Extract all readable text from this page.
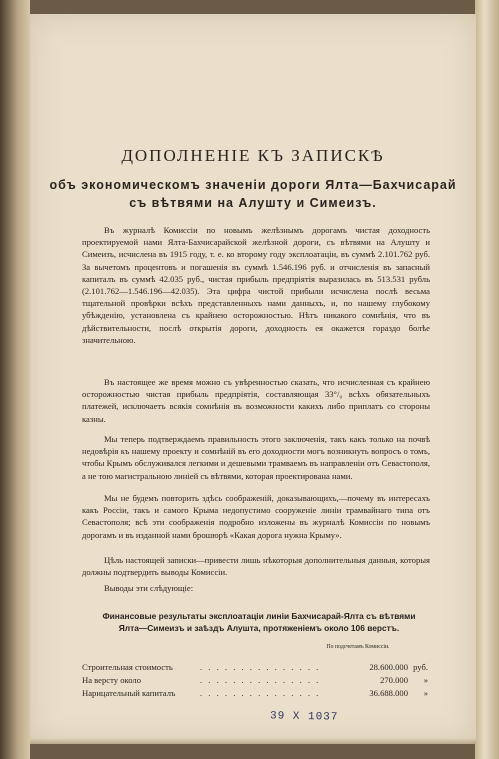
ДОПОЛНЕНІЕ КЪ ЗАПИСКѢ
объ экономическомъ значеніи дороги Ялта—Бахчисарай
съ вѣтвями на Алушту и Симеизъ.

Въ журналѣ Комиссіи по новымъ желѣзнымъ дорогамъ чистая доходность проектируемой нами Ялта-Бахчисарайской желѣзной дороги, съ вѣтвями на Алушту и Симеизъ, исчислена въ 1915 году, т. е. ко второму году эксплоатаціи, въ суммѣ 2.101.762 руб. За вычетомъ процентовъ и погашенія въ суммѣ 1.546.196 руб. и отчисленія въ запасный капиталъ въ суммѣ 42.035 руб., чистая прибыль предпріятія выразилась въ 513.531 рубль (2.101.762—1.546.196—42.035). Эта цифра чистой прибыли исчислена послѣ весьма тщательной провѣрки всѣхъ представленныхъ нами данныхъ, и, по нашему глубокому убѣжденію, установлена съ крайнею осторожностью. Нѣтъ никакого сомнѣнія, что въ дѣйствительности, послѣ открытія дороги, доходность ея окажется гораздо болѣе значительною.

Въ настоящее же время можно съ увѣренностью сказать, что исчисленная съ крайнею осторожностью чистая прибыль предпріятія, составляющая 33°/₀ всѣхъ обязательныхъ платежей, исключаетъ всякія сомнѣнія въ возможности какихъ либо приплатъ со стороны казны.

Мы теперь подтверждаемъ правильность этого заключенія, такъ какъ только на почвѣ недовѣрія къ нашему проекту и сомнѣній въ его доходности могъ возникнуть вопросъ о томъ, чтобы Крымъ обслуживался легкими и дешевыми трамваемъ въ направленіи отъ Севастополя, а не тою магистральною линіей съ вѣтвями, которая проектирована нами.

Мы не будемъ повторить здѣсь соображеній, доказывающихъ,—почему въ интересахъ какъ Россіи, такъ и самого Крыма недопустимо сооруженіе линіи трамвайнаго типа отъ Севастополя; всѣ эти соображенія подробно изложены въ журналѣ Комиссіи по новымъ дорогамъ и въ изданной нами брошюрѣ «Какая дорога нужна Крыму».

Цѣль настоящей записки—привести лишь нѣкоторыя дополнительныя данныя, которыя должны подтвердить выводы Комиссіи.

Выводы эти слѣдующіе:

Финансовые результаты эксплоатаціи линіи Бахчисарай-Ялта съ вѣтвями Ялта—Симеизъ и заѣздъ Алушта, протяженіемъ около 106 верстъ.
По подсчетамъ Комиссіи.
Строительная стоимость	. . . . . . . . . . . . . . .	28.600.000 руб.
На версту около	. . . . . . . . . . . . . . .	270.000 »
Нарицательный капиталъ	. . . . . . . . . . . . . . .	36.688.000 »
39 X 1037
